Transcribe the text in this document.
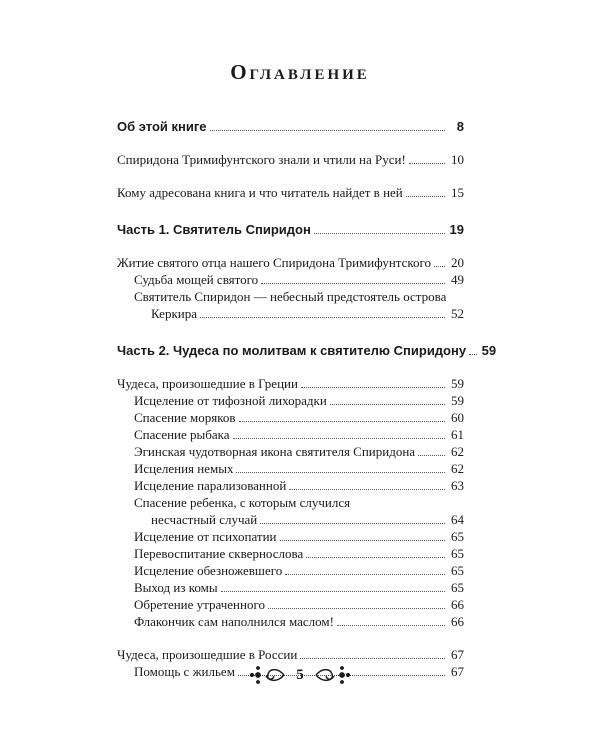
Оглавление
Об этой книге	8
Спиридона Тримифунтского знали и чтили на Руси!	10
Кому адресована книга и что читатель найдет в ней	15
Часть 1. Святитель Спиридон	19
Житие святого отца нашего Спиридона Тримифунтского 20
Судьба мощей святого	49
Святитель Спиридон — небесный предстоятель острова
Керкира	52
Часть 2. Чудеса по молитвам к святителю Спиридону 59
Чудеса, произошедшие в Греции	59
Исцеление от тифозной лихорадки	59
Спасение моряков	60
Спасение рыбака	61
Эгинская чудотворная икона святителя Спиридона	62
Исцеления немых	62
Исцеление парализованной	63
Спасение ребенка, с которым случился
несчастный случай	64
Исцеление от психопатии	65
Перевоспитание сквернослова	65
Исцеление обезножевшего	65
Выход из комы	65
Обретение утраченного	66
Флакончик сам наполнился маслом!	66
Чудеса, произошедшие в России	67
Помощь с жильем	67
5
